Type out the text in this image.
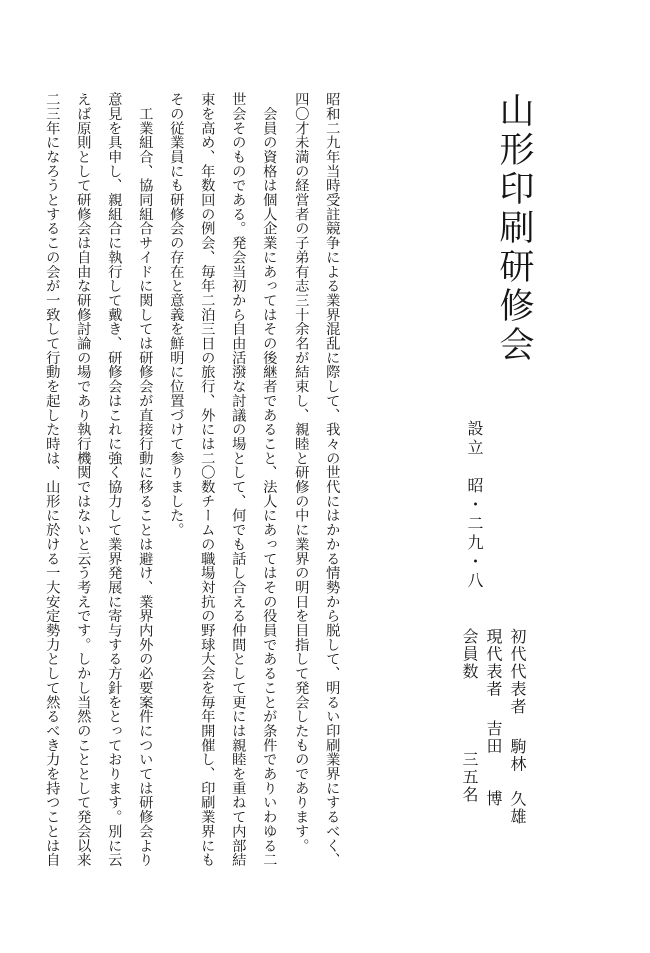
山形印刷研修会
設立　昭・二九・八
昭和二九年当時受註競争による業界混乱に際して、我々の世代にはかかる情勢から脱して、明るい印刷業界にするべく、
四〇才未満の経営者の子弟有志三十余名が結束し、親睦と研修の中に業界の明日を目指して発会したものであります。
　会員の資格は個人企業にあってはその後継者であること、法人にあってはその役員であることが条件でありいわゆる二
世会そのものである。発会当初から自由活潑な討議の場として、何でも話し合える仲間として更には親睦を重ねて内部結
束を高め、年数回の例会、毎年二泊三日の旅行、外には二〇数チームの職場対抗の野球大会を毎年開催し、印刷業界にも
その従業員にも研修会の存在と意義を鮮明に位置づけて参りました。
　工業組合、協同組合サイドに関しては研修会が直接行動に移ることは避け、業界内外の必要案件については研修会より
意見を具申し、親組合に執行して戴き、研修会はこれに強く協力して業界発展に寄与する方針をとっております。別に云
えば原則として研修会は自由な研修討論の場であり執行機関ではないと云う考えです。しかし当然のこととして発会以来
二三年になろうとするこの会が一致して行動を起した時は、山形に於ける一大安定勢力として然るべき力を持つことは自	初代代表者駒林　久雄
現代表者吉田　　博
会員数三五名
